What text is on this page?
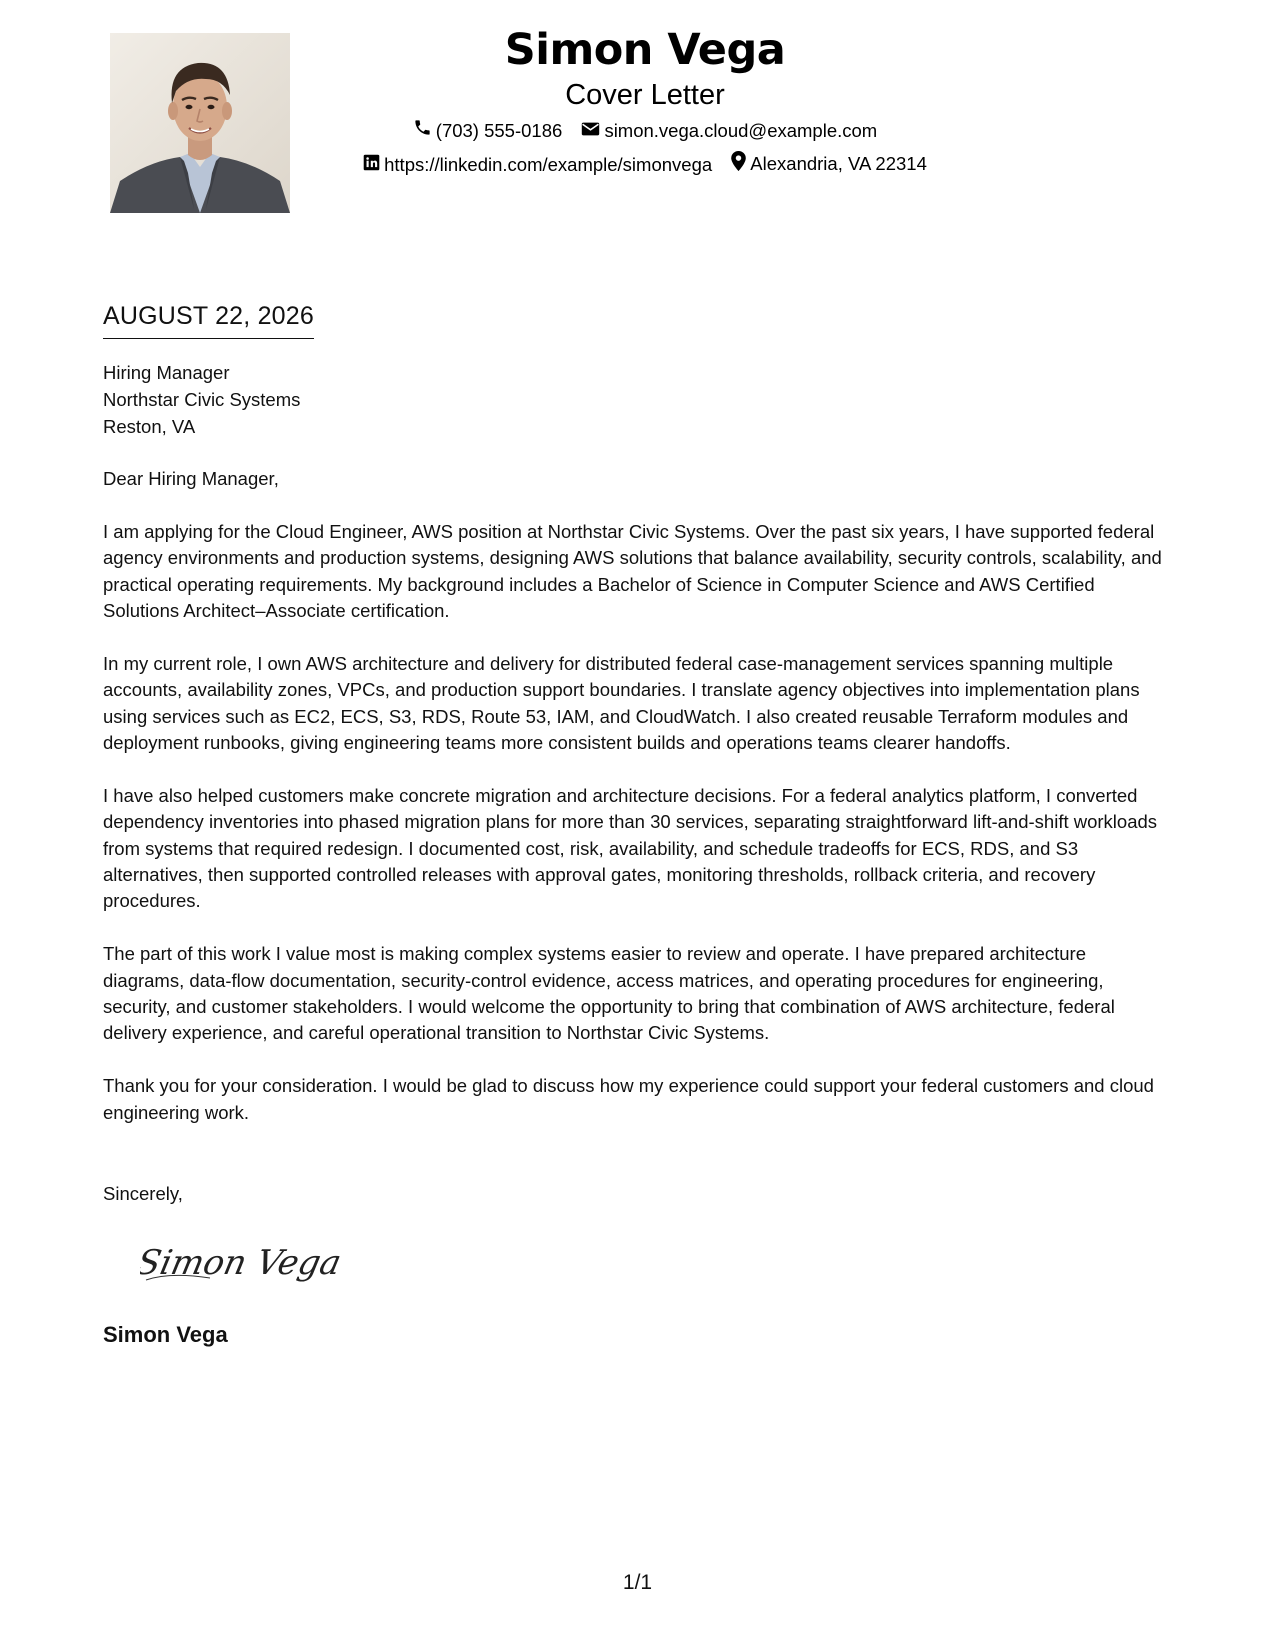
Simon Vega
Cover Letter
(703) 555-0186
simon.vega.cloud@example.com
https://linkedin.com/example/simonvega
Alexandria, VA 22314
AUGUST 22, 2026
Hiring Manager
Northstar Civic Systems
Reston, VA

Dear Hiring Manager,

I am applying for the Cloud Engineer, AWS position at Northstar Civic Systems. Over the past six years, I have supported federal agency environments and production systems, designing AWS solutions that balance availability, security controls, scalability, and practical operating requirements. My background includes a Bachelor of Science in Computer Science and AWS Certified Solutions Architect–Associate certification.

In my current role, I own AWS architecture and delivery for distributed federal case-management services spanning multiple accounts, availability zones, VPCs, and production support boundaries. I translate agency objectives into implementation plans using services such as EC2, ECS, S3, RDS, Route 53, IAM, and CloudWatch. I also created reusable Terraform modules and deployment runbooks, giving engineering teams more consistent builds and operations teams clearer handoffs.

I have also helped customers make concrete migration and architecture decisions. For a federal analytics platform, I converted dependency inventories into phased migration plans for more than 30 services, separating straightforward lift-and-shift workloads from systems that required redesign. I documented cost, risk, availability, and schedule tradeoffs for ECS, RDS, and S3 alternatives, then supported controlled releases with approval gates, monitoring thresholds, rollback criteria, and recovery procedures.

The part of this work I value most is making complex systems easier to review and operate. I have prepared architecture diagrams, data-flow documentation, security-control evidence, access matrices, and operating procedures for engineering, security, and customer stakeholders. I would welcome the opportunity to bring that combination of AWS architecture, federal delivery experience, and careful operational transition to Northstar Civic Systems.

Thank you for your consideration. I would be glad to discuss how my experience could support your federal customers and cloud engineering work.

Sincerely,
Simon Vega
Simon Vega
1/1
